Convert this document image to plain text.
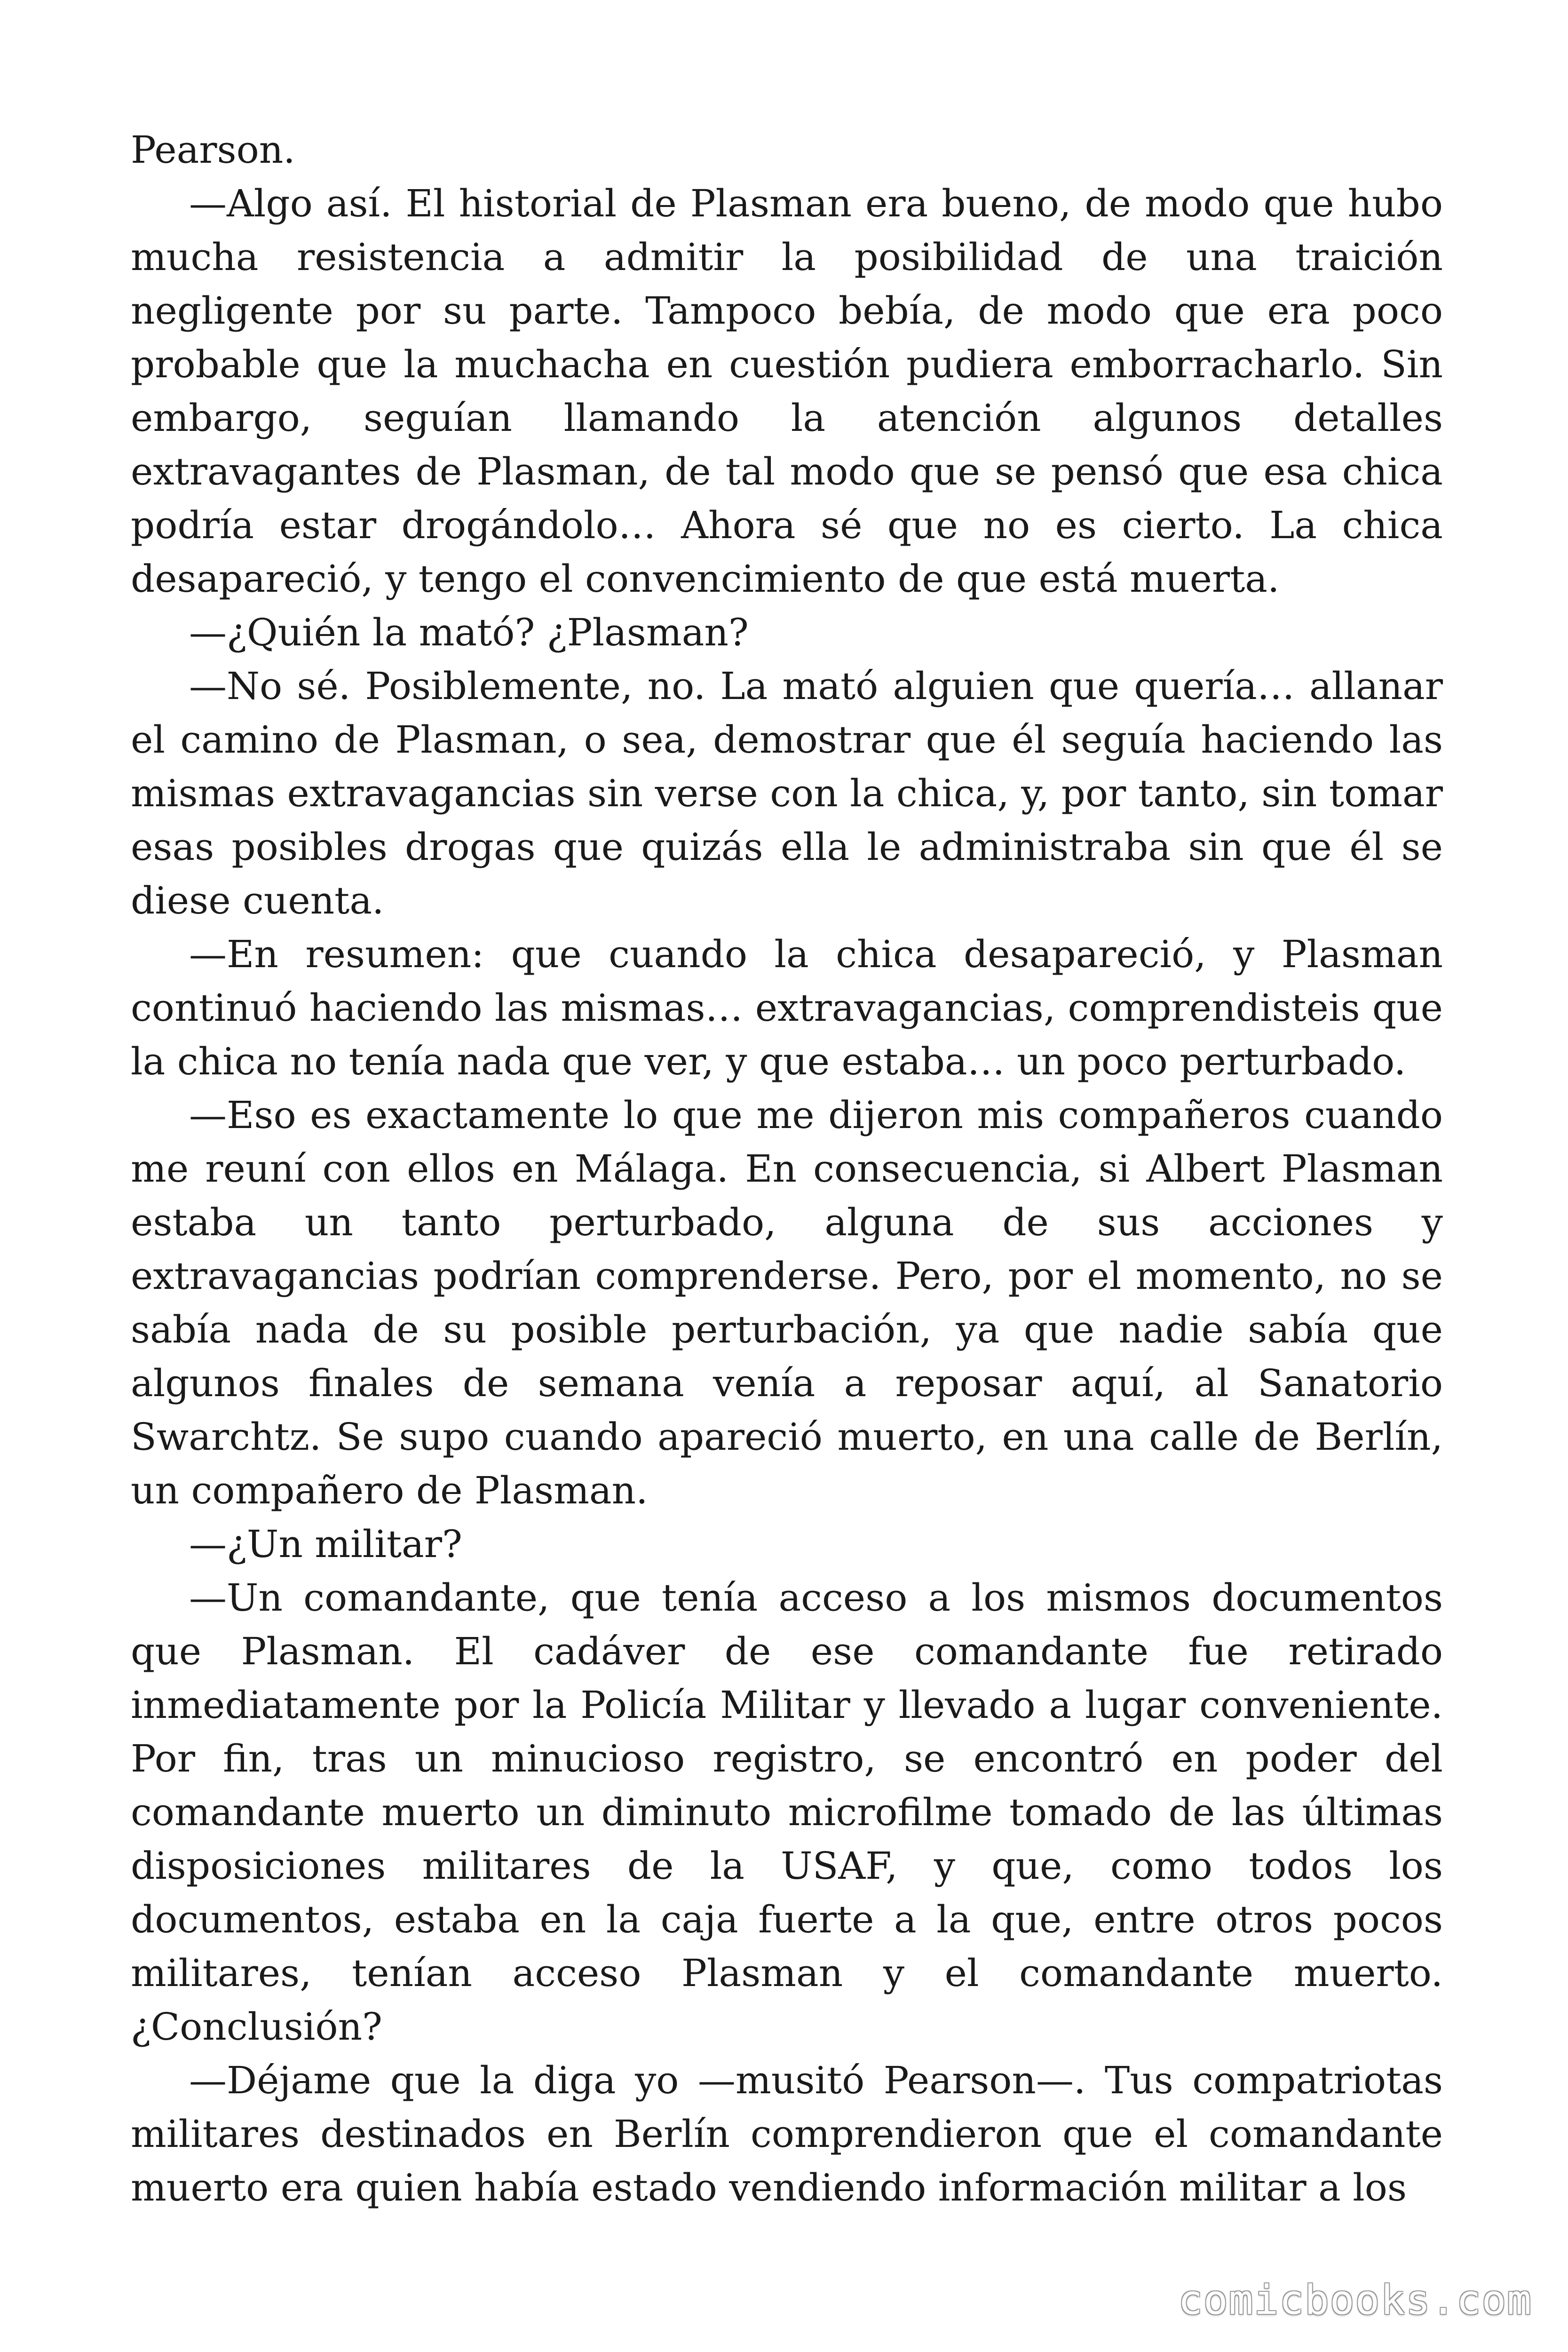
Pearson.

—Algo así. El historial de Plasman era bueno, de modo que hubo mucha resistencia a admitir la posibilidad de una traición negligente por su parte. Tampoco bebía, de modo que era poco probable que la muchacha en cuestión pudiera emborracharlo. Sin embargo, seguían llamando la atención algunos detalles extravagantes de Plasman, de tal modo que se pensó que esa chica podría estar drogándolo… Ahora sé que no es cierto. La chica desapareció, y tengo el convencimiento de que está muerta.

—¿Quién la mató? ¿Plasman?

—No sé. Posiblemente, no. La mató alguien que quería… allanar el camino de Plasman, o sea, demostrar que él seguía haciendo las mismas extravagancias sin verse con la chica, y, por tanto, sin tomar esas posibles drogas que quizás ella le administraba sin que él se diese cuenta.

—En resumen: que cuando la chica desapareció, y Plasman continuó haciendo las mismas… extravagancias, comprendisteis que la chica no tenía nada que ver, y que estaba… un poco perturbado.

—Eso es exactamente lo que me dijeron mis compañeros cuando me reuní con ellos en Málaga. En consecuencia, si Albert Plasman estaba un tanto perturbado, alguna de sus acciones y extravagancias podrían comprenderse. Pero, por el momento, no se sabía nada de su posible perturbación, ya que nadie sabía que algunos finales de semana venía a reposar aquí, al Sanatorio Swarchtz. Se supo cuando apareció muerto, en una calle de Berlín, un compañero de Plasman.

—¿Un militar?

—Un comandante, que tenía acceso a los mismos documentos que Plasman. El cadáver de ese comandante fue retirado inmediatamente por la Policía Militar y llevado a lugar conveniente. Por fin, tras un minucioso registro, se encontró en poder del comandante muerto un diminuto microfilme tomado de las últimas disposiciones militares de la USAF, y que, como todos los documentos, estaba en la caja fuerte a la que, entre otros pocos militares, tenían acceso Plasman y el comandante muerto. ¿Conclusión?

—Déjame que la diga yo —musitó Pearson—. Tus compatriotas militares destinados en Berlín comprendieron que el comandante muerto era quien había estado vendiendo información militar a los

comicbooks.com
